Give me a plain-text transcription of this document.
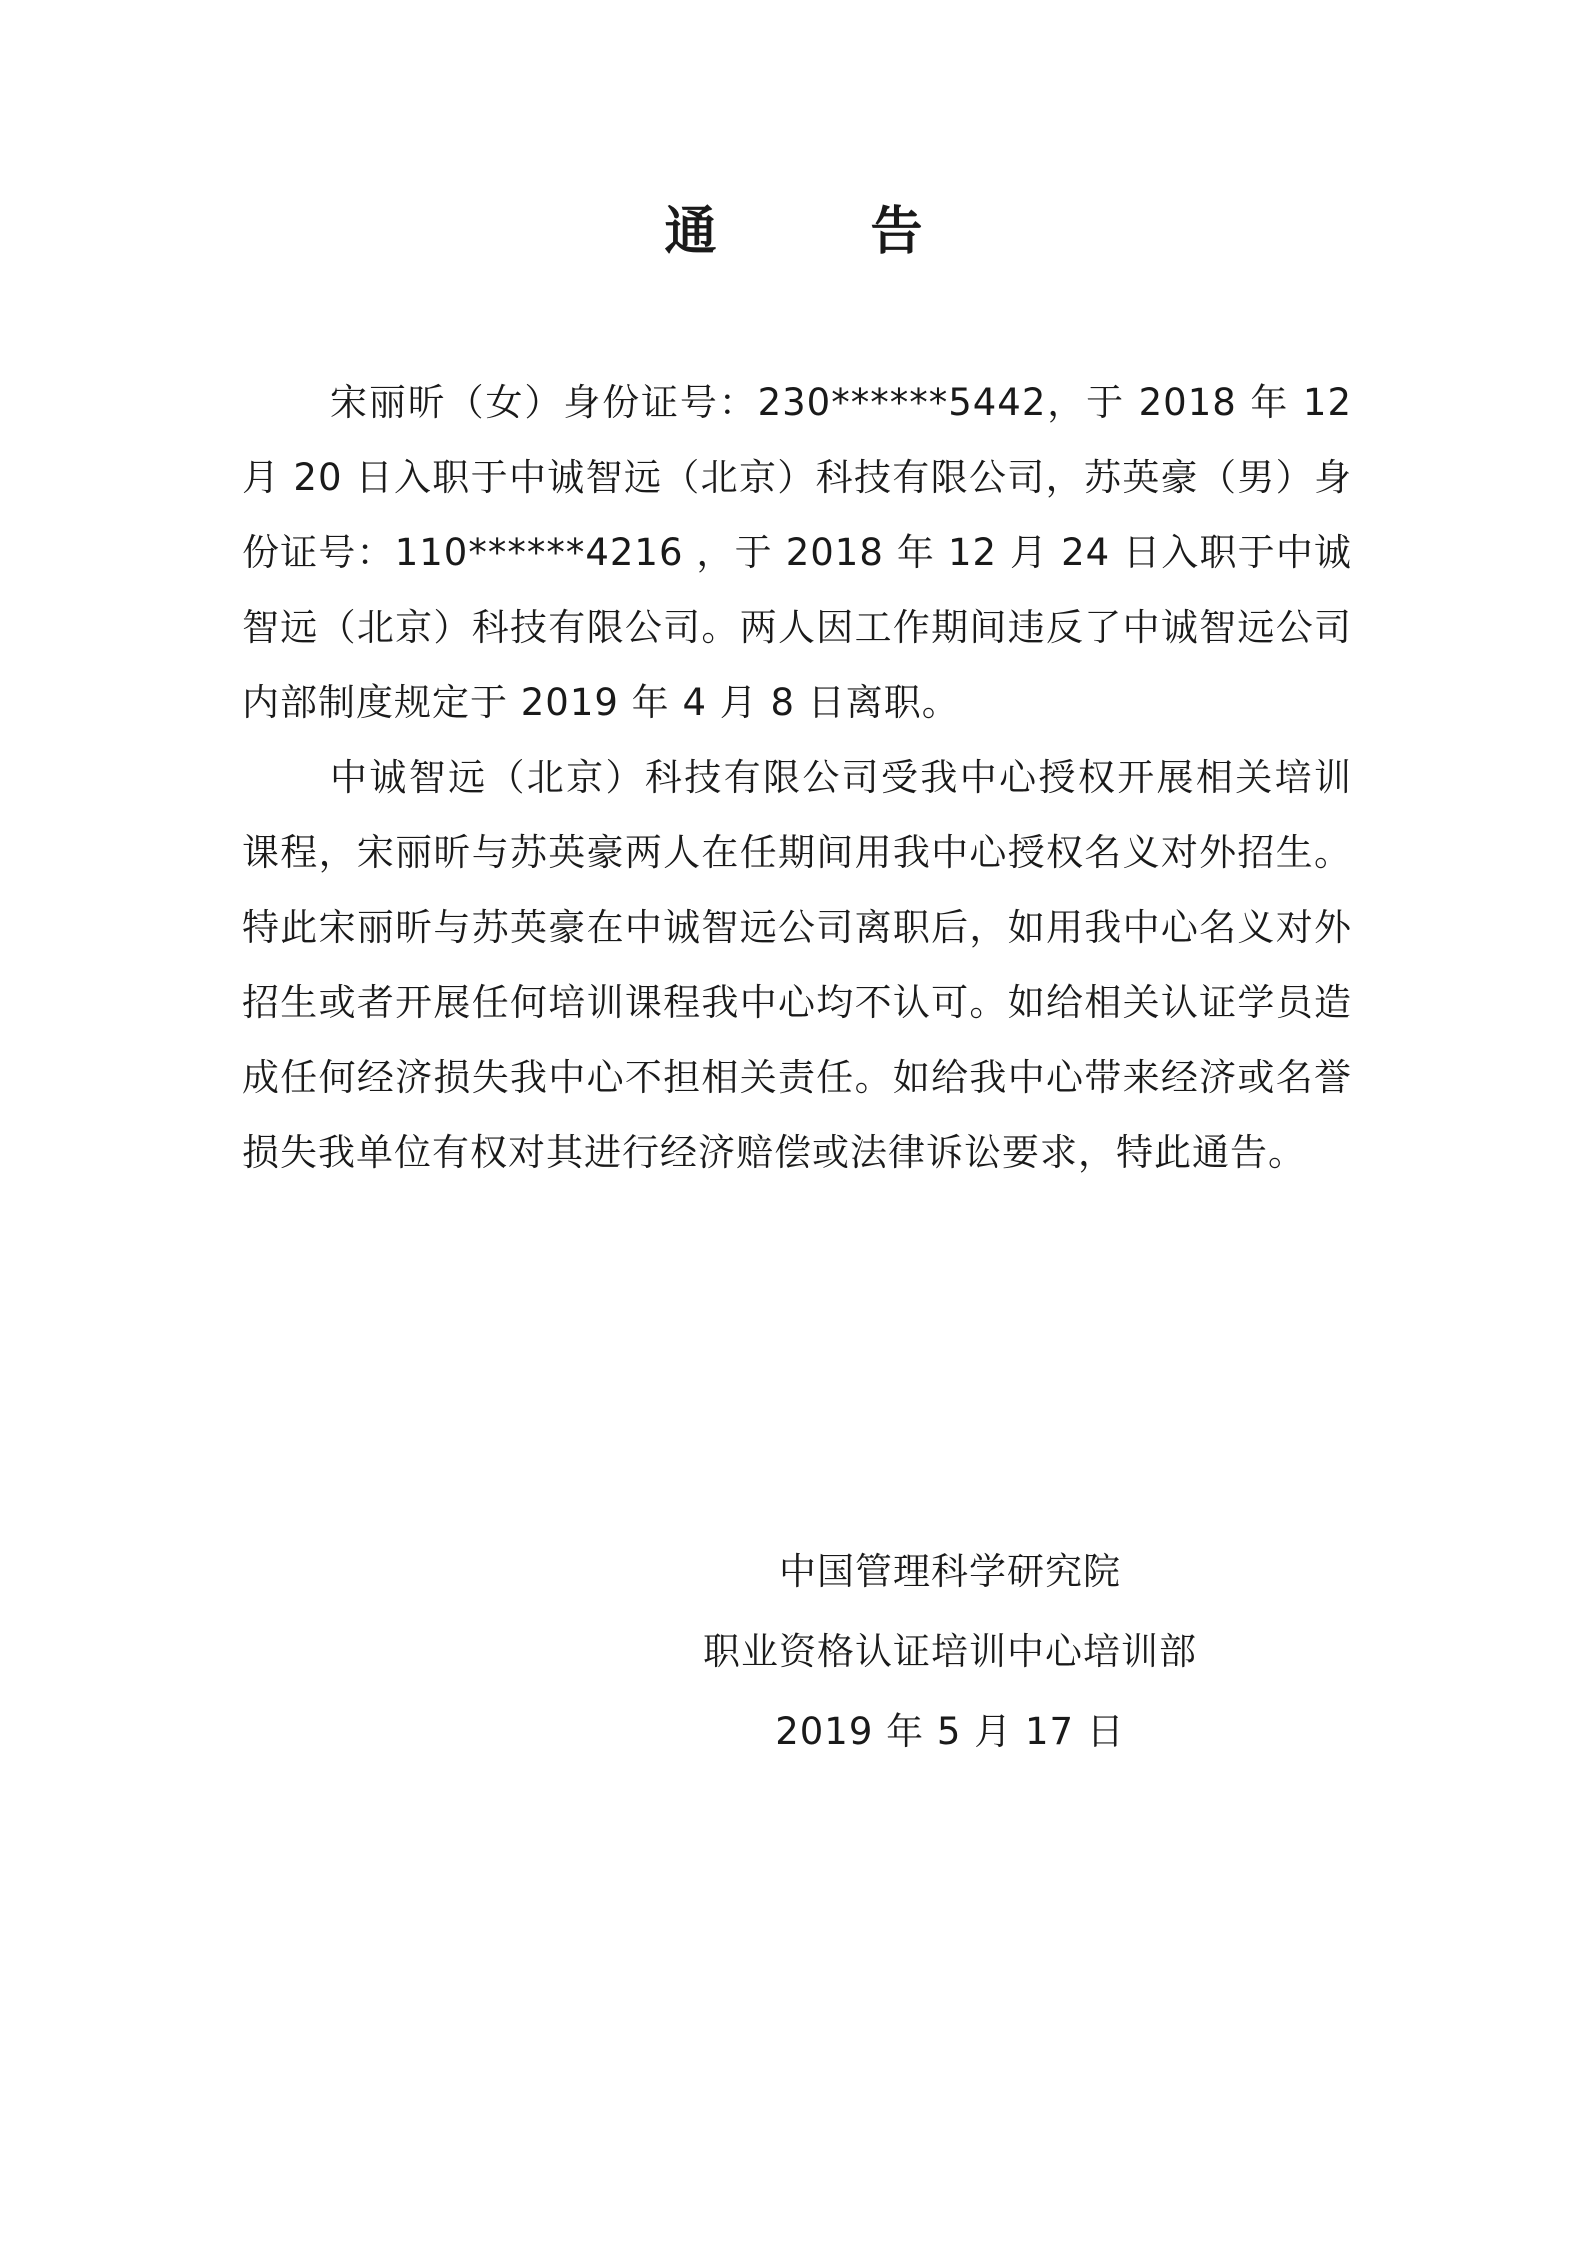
通 告

宋丽昕（女）身份证号：230******5442，于 2018 年 12 月 20 日入职于中诚智远（北京）科技有限公司，苏英豪（男）身份证号：110******4216 ，于 2018 年 12 月 24 日入职于中诚智远（北京）科技有限公司。两人因工作期间违反了中诚智远公司内部制度规定于 2019 年 4 月 8 日离职。

中诚智远（北京）科技有限公司受我中心授权开展相关培训课程，宋丽昕与苏英豪两人在任期间用我中心授权名义对外招生。特此宋丽昕与苏英豪在中诚智远公司离职后，如用我中心名义对外招生或者开展任何培训课程我中心均不认可。如给相关认证学员造成任何经济损失我中心不担相关责任。如给我中心带来经济或名誉损失我单位有权对其进行经济赔偿或法律诉讼要求，特此通告。

中国管理科学研究院

职业资格认证培训中心培训部

2019 年 5 月 17 日
